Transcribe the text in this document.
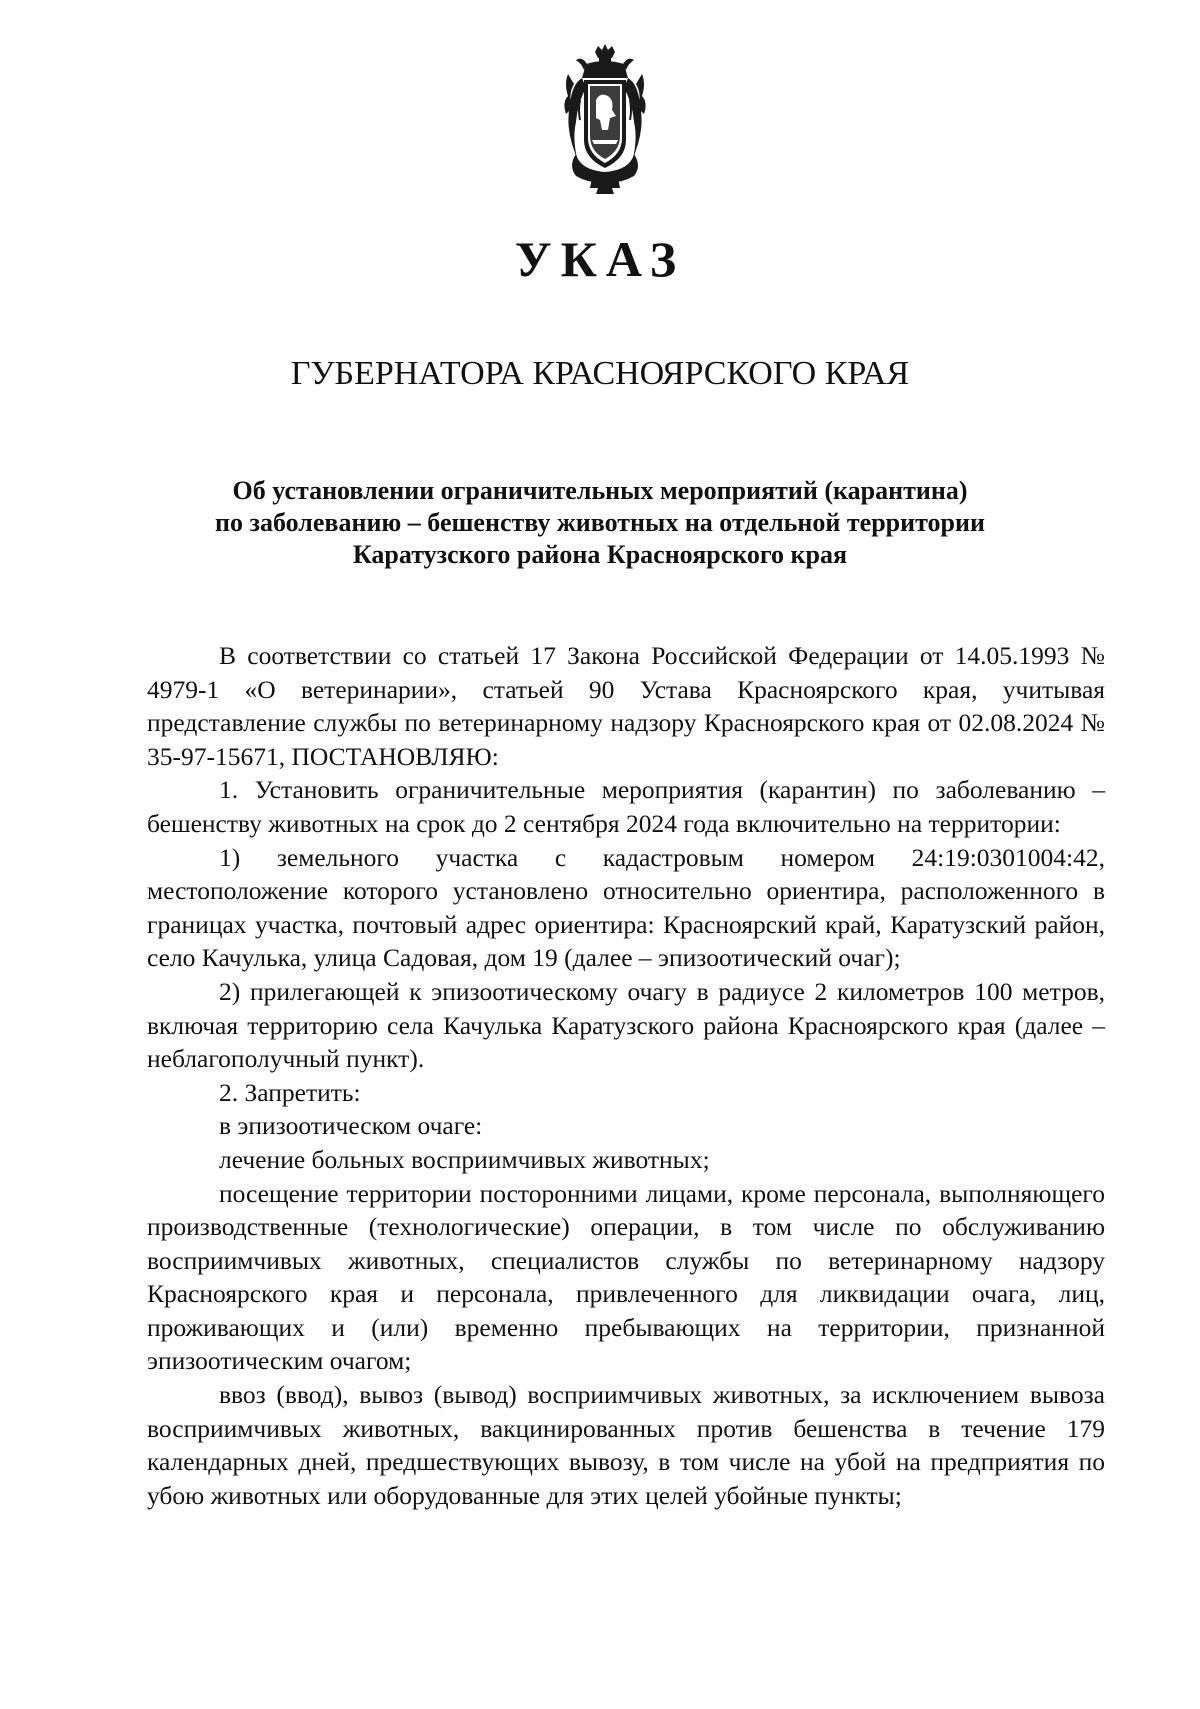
УКАЗ
ГУБЕРНАТОРА КРАСНОЯРСКОГО КРАЯ
Об установлении ограничительных мероприятий (карантина)
по заболеванию – бешенству животных на отдельной территории
Каратузского района Красноярского края

В соответствии со статьей 17 Закона Российской Федерации от 14.05.1993 № 4979-1 «О ветеринарии», статьей 90 Устава Красноярского края, учитывая представление службы по ветеринарному надзору Красноярского края от 02.08.2024 № 35-97-15671, ПОСТАНОВЛЯЮ:

1. Установить ограничительные мероприятия (карантин) по заболеванию – бешенству животных на срок до 2 сентября 2024 года включительно на территории:

1) земельного участка с кадастровым номером 24:19:0301004:42, местоположение которого установлено относительно ориентира, расположенного в границах участка, почтовый адрес ориентира: Красноярский край, Каратузский район, село Качулька, улица Садовая, дом 19 (далее – эпизоотический очаг);

2) прилегающей к эпизоотическому очагу в радиусе 2 километров 100 метров, включая территорию села Качулька Каратузского района Красноярского края (далее – неблагополучный пункт).

2. Запретить:

в эпизоотическом очаге:

лечение больных восприимчивых животных;

посещение территории посторонними лицами, кроме персонала, выполняющего производственные (технологические) операции, в том числе по обслуживанию восприимчивых животных, специалистов службы по ветеринарному надзору Красноярского края и персонала, привлеченного для ликвидации очага, лиц, проживающих и (или) временно пребывающих на территории, признанной эпизоотическим очагом;

ввоз (ввод), вывоз (вывод) восприимчивых животных, за исключением вывоза восприимчивых животных, вакцинированных против бешенства в течение 179 календарных дней, предшествующих вывозу, в том числе на убой на предприятия по убою животных или оборудованные для этих целей убойные пункты;
